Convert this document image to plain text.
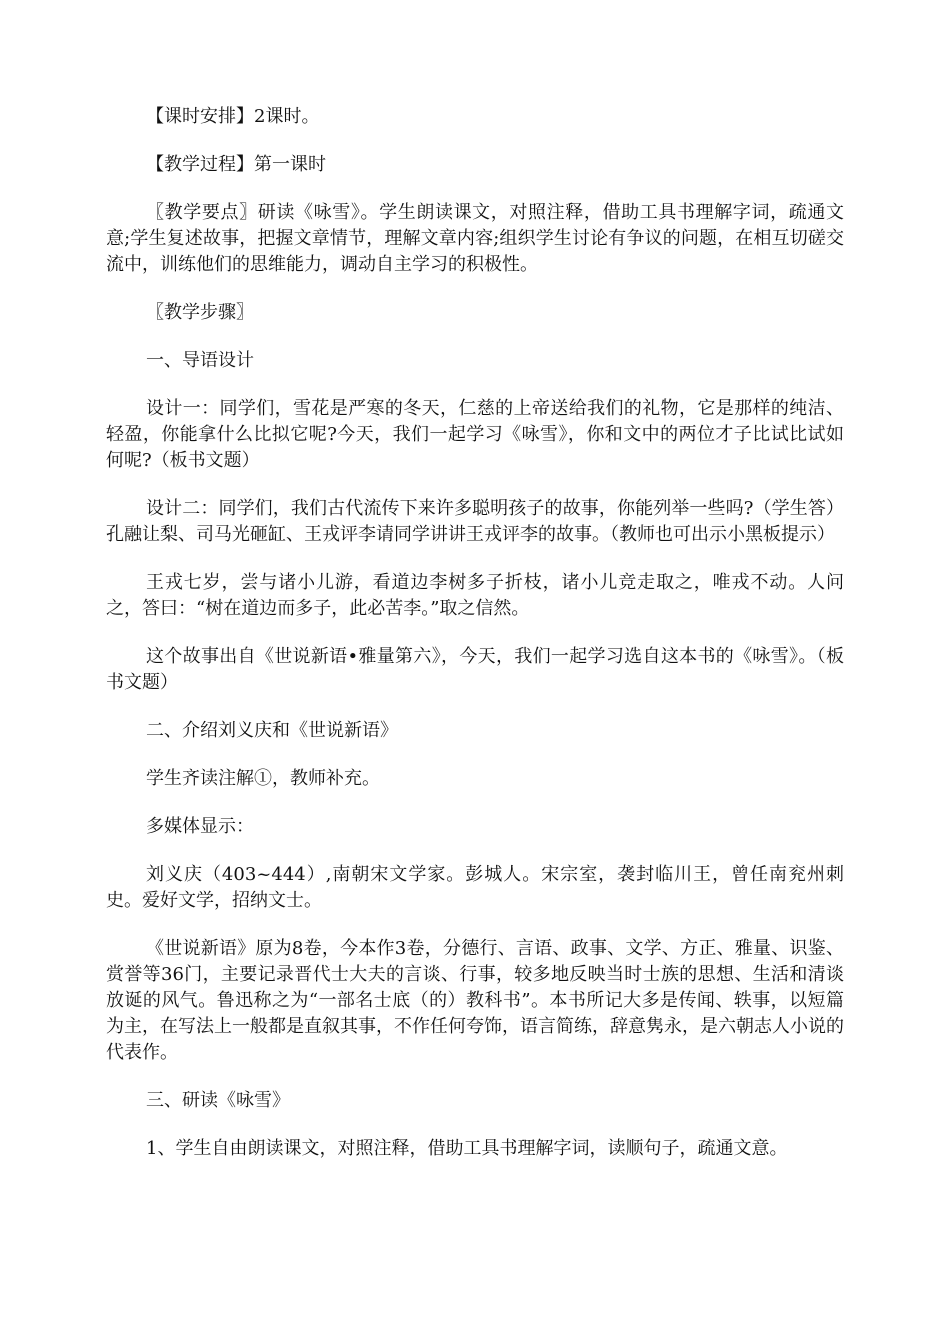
【课时安排】2课时。

【教学过程】第一课时

〖教学要点〗研读《咏雪》。学生朗读课文，对照注释，借助工具书理解字词，疏通文意;学生复述故事，把握文章情节，理解文章内容;组织学生讨论有争议的问题，在相互切磋交流中，训练他们的思维能力，调动自主学习的积极性。

〖教学步骤〗

一、导语设计

设计一：同学们，雪花是严寒的冬天，仁慈的上帝送给我们的礼物，它是那样的纯洁、轻盈，你能拿什么比拟它呢?今天，我们一起学习《咏雪》，你和文中的两位才子比试比试如何呢?（板书文题）

设计二：同学们，我们古代流传下来许多聪明孩子的故事，你能列举一些吗?（学生答）孔融让梨、司马光砸缸、王戎评李请同学讲讲王戎评李的故事。（教师也可出示小黑板提示）

王戎七岁，尝与诸小儿游，看道边李树多子折枝，诸小儿竞走取之，唯戎不动。人问之，答曰：“树在道边而多子，此必苦李。”取之信然。

这个故事出自《世说新语•雅量第六》，今天，我们一起学习选自这本书的《咏雪》。（板书文题）

二、介绍刘义庆和《世说新语》

学生齐读注解①，教师补充。

多媒体显示：

刘义庆（403~444）,南朝宋文学家。彭城人。宋宗室，袭封临川王，曾任南兖州刺史。爱好文学，招纳文士。

《世说新语》原为8卷，今本作3卷，分德行、言语、政事、文学、方正、雅量、识鉴、赏誉等36门，主要记录晋代士大夫的言谈、行事，较多地反映当时士族的思想、生活和清谈放诞的风气。鲁迅称之为“一部名士底（的）教科书”。本书所记大多是传闻、轶事，以短篇为主，在写法上一般都是直叙其事，不作任何夸饰，语言简练，辞意隽永，是六朝志人小说的代表作。

三、研读《咏雪》

1、学生自由朗读课文，对照注释，借助工具书理解字词，读顺句子，疏通文意。
